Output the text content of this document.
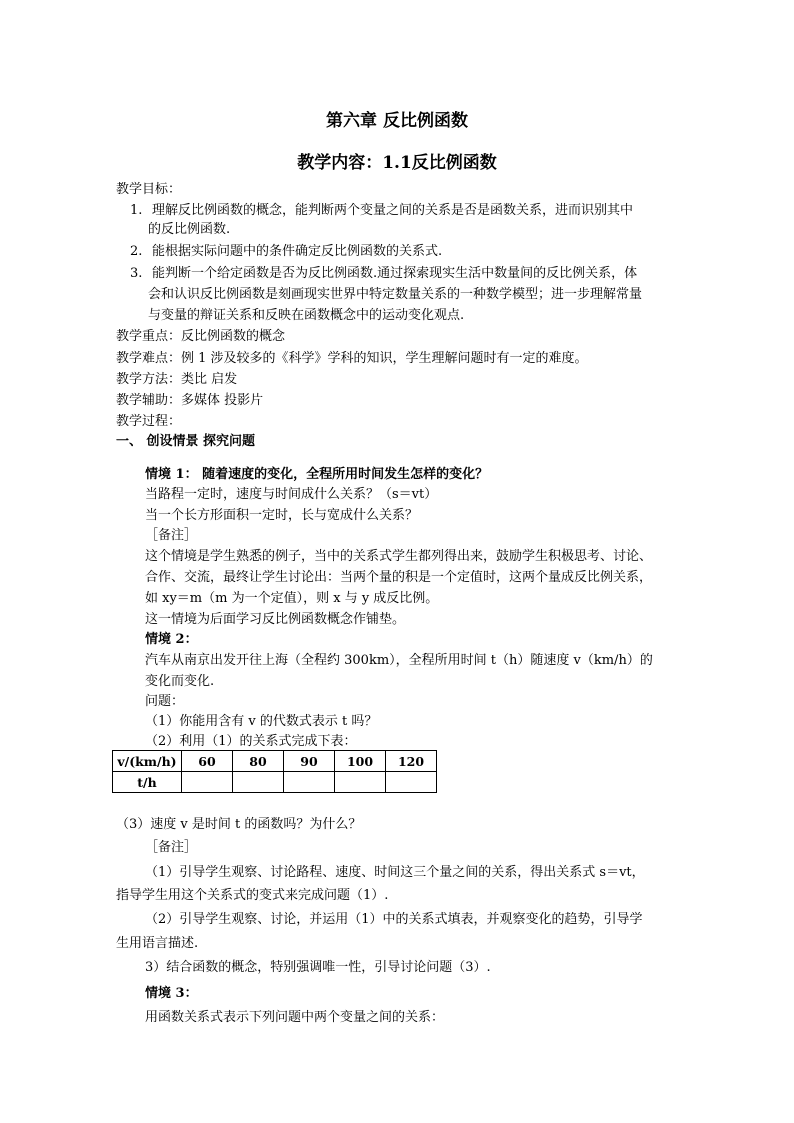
第六章 反比例函数
教学内容：1.1反比例函数
教学目标：
1. 理解反比例函数的概念，能判断两个变量之间的关系是否是函数关系，进而识别其中
的反比例函数.
2. 能根据实际问题中的条件确定反比例函数的关系式.
3. 能判断一个给定函数是否为反比例函数.通过探索现实生活中数量间的反比例关系，体
会和认识反比例函数是刻画现实世界中特定数量关系的一种数学模型；进一步理解常量
与变量的辩证关系和反映在函数概念中的运动变化观点.
教学重点：反比例函数的概念
教学难点：例 1 涉及较多的《科学》学科的知识，学生理解问题时有一定的难度。
教学方法：类比 启发
教学辅助：多媒体 投影片
教学过程：
一、 创设情景 探究问题
情境 1： 随着速度的变化，全程所用时间发生怎样的变化？
当路程一定时，速度与时间成什么关系？（s＝vt）
当一个长方形面积一定时，长与宽成什么关系？
［备注］
这个情境是学生熟悉的例子，当中的关系式学生都列得出来，鼓励学生积极思考、讨论、
合作、交流，最终让学生讨论出：当两个量的积是一个定值时，这两个量成反比例关系，
如 xy＝m（m 为一个定值），则 x 与 y 成反比例。
这一情境为后面学习反比例函数概念作铺垫。
情境 2：
汽车从南京出发开往上海（全程约 300km），全程所用时间 t（h）随速度 v（km/h）的
变化而变化.
问题：
（1）你能用含有 v 的代数式表示 t 吗？
（2）利用（1）的关系式完成下表：
v/(km/h)	60	80	90	100	120
t/h					
（3）速度 v 是时间 t 的函数吗？为什么？
［备注］
（1）引导学生观察、讨论路程、速度、时间这三个量之间的关系，得出关系式 s＝vt，
指导学生用这个关系式的变式来完成问题（1）.
（2）引导学生观察、讨论，并运用（1）中的关系式填表，并观察变化的趋势，引导学
生用语言描述.
3）结合函数的概念，特别强调唯一性，引导讨论问题（3）.
情境 3：
用函数关系式表示下列问题中两个变量之间的关系：
